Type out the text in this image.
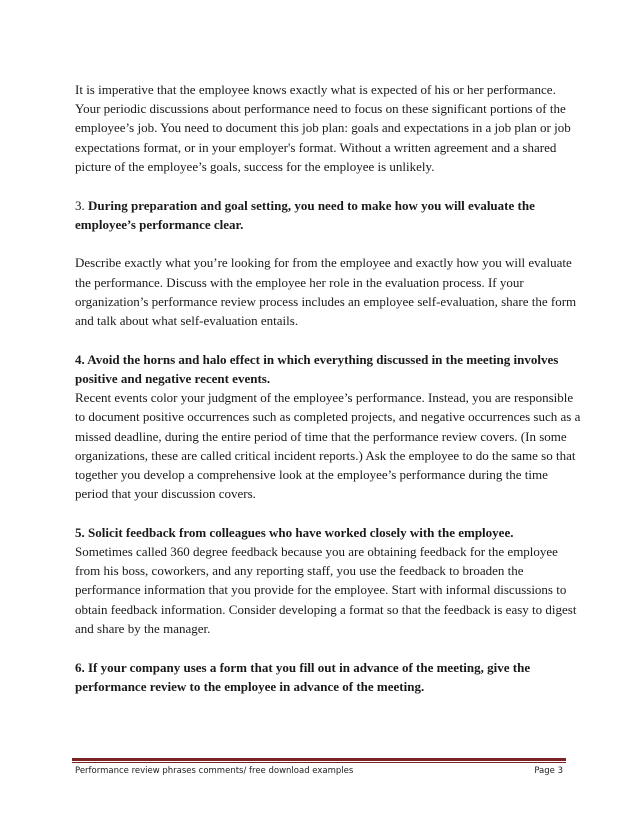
It is imperative that the employee knows exactly what is expected of his or her performance.
Your periodic discussions about performance need to focus on these significant portions of the
employee’s job. You need to document this job plan: goals and expectations in a job plan or job
expectations format, or in your employer's format. Without a written agreement and a shared
picture of the employee’s goals, success for the employee is unlikely.
3. During preparation and goal setting, you need to make how you will evaluate the
employee’s performance clear.
Describe exactly what you’re looking for from the employee and exactly how you will evaluate
the performance. Discuss with the employee her role in the evaluation process. If your
organization’s performance review process includes an employee self-evaluation, share the form
and talk about what self-evaluation entails.
4. Avoid the horns and halo effect in which everything discussed in the meeting involves
positive and negative recent events.
Recent events color your judgment of the employee’s performance. Instead, you are responsible
to document positive occurrences such as completed projects, and negative occurrences such as a
missed deadline, during the entire period of time that the performance review covers. (In some
organizations, these are called critical incident reports.) Ask the employee to do the same so that
together you develop a comprehensive look at the employee’s performance during the time
period that your discussion covers.
5. Solicit feedback from colleagues who have worked closely with the employee.
Sometimes called 360 degree feedback because you are obtaining feedback for the employee
from his boss, coworkers, and any reporting staff, you use the feedback to broaden the
performance information that you provide for the employee. Start with informal discussions to
obtain feedback information. Consider developing a format so that the feedback is easy to digest
and share by the manager.
6. If your company uses a form that you fill out in advance of the meeting, give the
performance review to the employee in advance of the meeting.
Performance review phrases comments/ free download examples	Page 3
